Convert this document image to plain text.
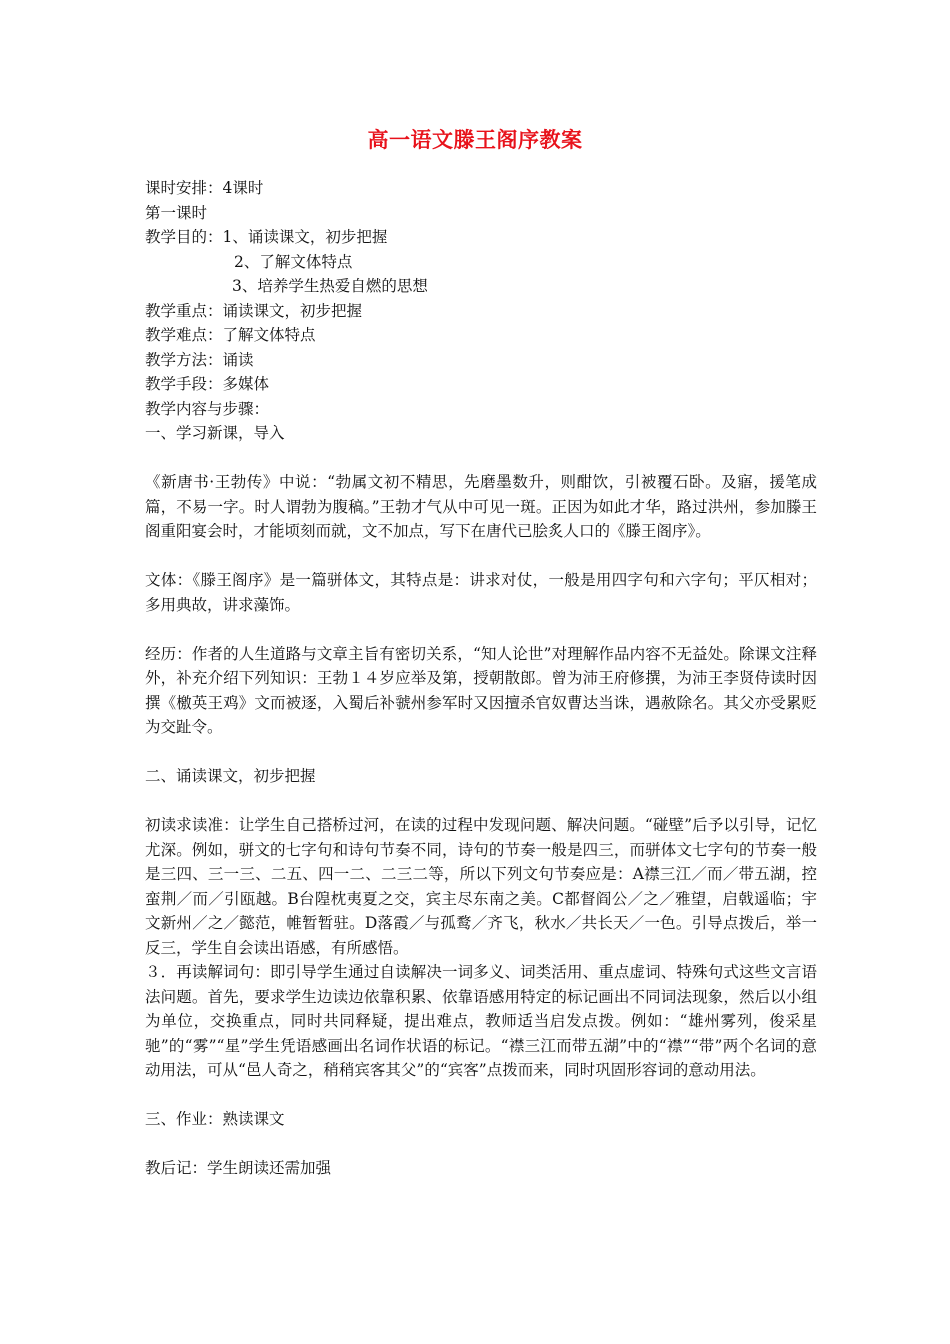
高一语文滕王阁序教案

课时安排：4课时

第一课时

教学目的：1、诵读课文，初步把握

2、了解文体特点

3、培养学生热爱自燃的思想

教学重点：诵读课文，初步把握

教学难点：了解文体特点

教学方法：诵读

教学手段：多媒体

教学内容与步骤：

一、学习新课，导入

《新唐书·王勃传》中说：“勃属文初不精思，先磨墨数升，则酣饮，引被覆石卧。及寤，援笔成篇，不易一字。时人谓勃为腹稿。”王勃才气从中可见一斑。正因为如此才华，路过洪州，参加滕王阁重阳宴会时，才能顷刻而就，文不加点，写下在唐代已脍炙人口的《滕王阁序》。

文体：《滕王阁序》是一篇骈体文，其特点是：讲求对仗，一般是用四字句和六字句；平仄相对；多用典故，讲求藻饰。

经历：作者的人生道路与文章主旨有密切关系，“知人论世”对理解作品内容不无益处。除课文注释外，补充介绍下列知识：王勃１４岁应举及第，授朝散郎。曾为沛王府修撰，为沛王李贤侍读时因撰《檄英王鸡》文而被逐，入蜀后补虢州参军时又因擅杀官奴曹达当诛，遇赦除名。其父亦受累贬为交趾令。

二、诵读课文，初步把握

初读求读准：让学生自己搭桥过河，在读的过程中发现问题、解决问题。“碰壁”后予以引导，记忆尤深。例如，骈文的七字句和诗句节奏不同，诗句的节奏一般是四三，而骈体文七字句的节奏一般是三四、三一三、二五、四一二、二三二等，所以下列文句节奏应是：A襟三江／而／带五湖，控蛮荆／而／引瓯越。B台隍枕夷夏之交，宾主尽东南之美。C都督阎公／之／雅望，启戟遥临；宇文新州／之／懿范，帷暂暂驻。D落霞／与孤鹜／齐飞，秋水／共长天／一色。引导点拨后，举一反三，学生自会读出语感，有所感悟。

３．再读解词句：即引导学生通过自读解决一词多义、词类活用、重点虚词、特殊句式这些文言语法问题。首先，要求学生边读边依靠积累、依靠语感用特定的标记画出不同词法现象，然后以小组为单位，交换重点，同时共同释疑，提出难点，教师适当启发点拨。例如：“雄州雾列，俊采星驰”的“雾”“星”学生凭语感画出名词作状语的标记。“襟三江而带五湖”中的“襟”“带”两个名词的意动用法，可从“邑人奇之，稍稍宾客其父”的“宾客”点拨而来，同时巩固形容词的意动用法。

三、作业：熟读课文

教后记：学生朗读还需加强
